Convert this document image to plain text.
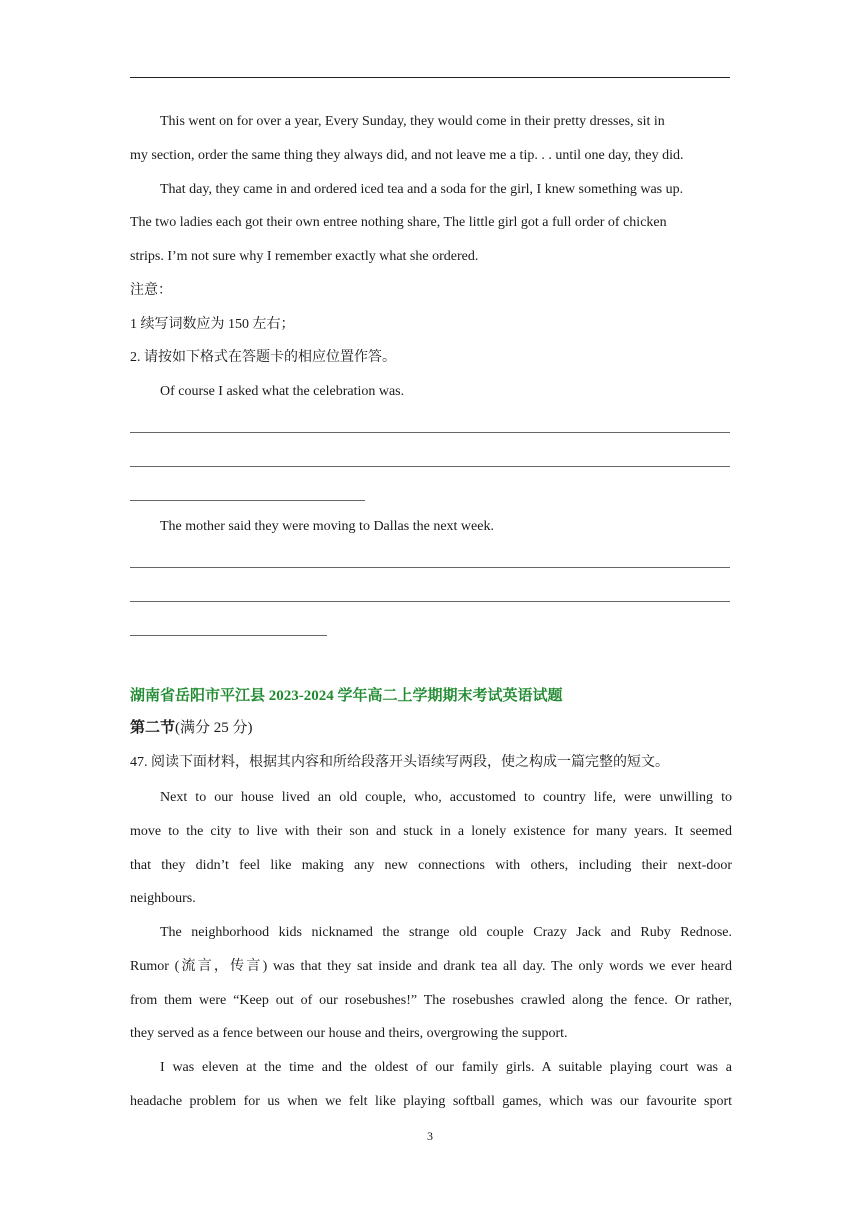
This went on for over a year, Every Sunday, they would come in their pretty dresses, sit in
my section, order the same thing they always did, and not leave me a tip. . . until one day, they did.
That day, they came in and ordered iced tea and a soda for the girl, I knew something was up.
The two ladies each got their own entree nothing share, The little girl got a full order of chicken
strips. I’m not sure why I remember exactly what she ordered.
注意：
1 续写词数应为 150 左右；
2. 请按如下格式在答题卡的相应位置作答。
Of course I asked what the celebration was.
The mother said they were moving to Dallas the next week.
湖南省岳阳市平江县 2023-2024 学年高二上学期期末考试英语试题
第二节(满分 25 分)
47. 阅读下面材料，根据其内容和所给段落开头语续写两段，使之构成一篇完整的短文。
Next to our house lived an old couple, who, accustomed to country life, were unwilling to
move to the city to live with their son and stuck in a lonely existence for many years. It seemed
that they didn’t feel like making any new connections with others, including their next-door
neighbours.
The neighborhood kids nicknamed the strange old couple Crazy Jack and Ruby Rednose.
Rumor (流言，传言) was that they sat inside and drank tea all day. The only words we ever heard
from them were “Keep out of our rosebushes!” The rosebushes crawled along the fence. Or rather,
they served as a fence between our house and theirs, overgrowing the support.
I was eleven at the time and the oldest of our family girls. A suitable playing court was a
headache problem for us when we felt like playing softball games, which was our favourite sport
3
